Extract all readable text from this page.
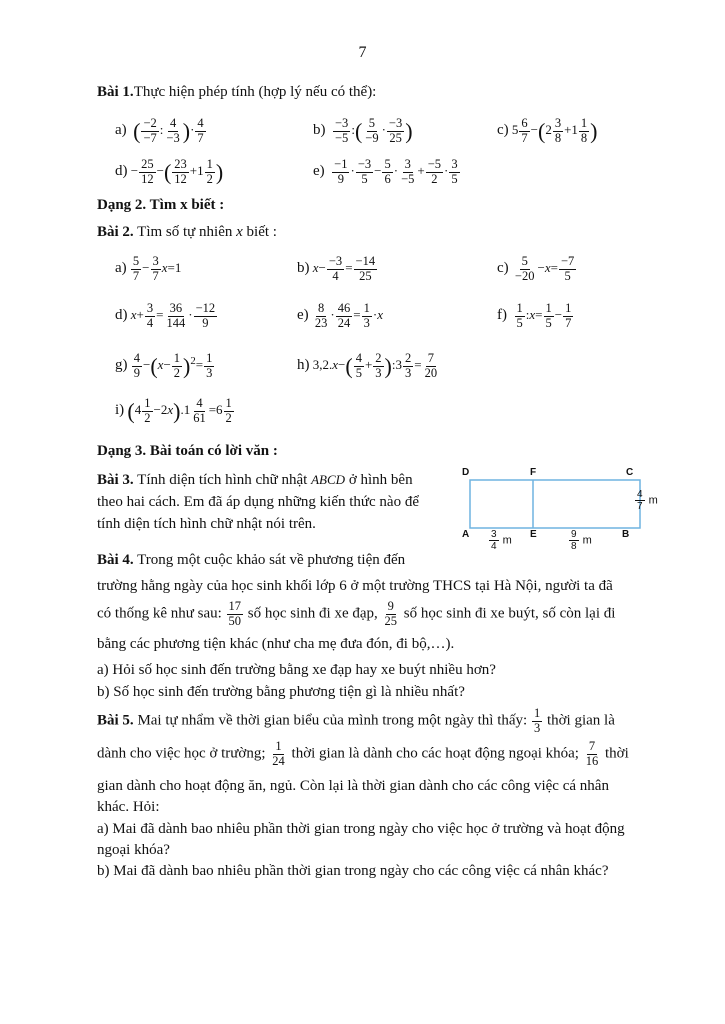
7
Bài 1.Thực hiện phép tính (hợp lý nếu có thể):
a) ( $\frac{-2}{-7}$ : $\frac{4}{-3}$ )· $\frac{4}{7}$	$b) \frac{-3}{-5}$ :( $\frac{5}{-9} \cdot \frac{-3}{25}$ )	c) $5 \frac{6}{7} -(2 \frac{3}{8} +1 \frac{1}{8}$ )
$d) - \frac{25}{12}$ −( $\frac{23}{12} +1 \frac{1}{2}$ )	$e) \frac{-1}{9} \cdot \frac{-3}{5} - \frac{5}{6} \cdot \frac{3}{-5} + \frac{-5}{2} \cdot \frac{3}{5}$
Dạng 2. Tìm x biết :
Bài 2. Tìm số tự nhiên x biết :
$a) \frac{5}{7} - \frac{3}{7} x=1$	b) $x- \frac{-3}{4} = \frac{-14}{25}$	$c) \frac{5}{-20} -x= \frac{-7}{5}$
d) $x+ \frac{3}{4} = \frac{36}{144} \cdot \frac{-12}{9}$	$e) \frac{8}{23} \cdot \frac{46}{24} = \frac{1}{3} \cdot x$	$f) \frac{1}{5}$ :x= $\frac{1}{5} - \frac{1}{7}$
$g) \frac{4}{9} -(x- \frac{1}{2} )^2= \frac{1}{3}$	h) $3,2.x-( \frac{4}{5} + \frac{2}{3}$ ):3 $\frac{2}{3} = \frac{7}{20}$
i) $(4 \frac{1}{2} -2x).1 \frac{4}{61} =6 \frac{1}{2}$
Dạng 3. Bài toán có lời văn :
Bài 3. Tính diện tích hình chữ nhật ABCD ở hình bên
theo hai cách. Em đã áp dụng những kiến thức nào để
tính diện tích hình chữ nhật nói trên.
D	F	C
A	E	B
$\frac{4}{7}$ m
$\frac{3}{4}$ m	$\frac{9}{8}$ m
Bài 4. Trong một cuộc khảo sát về phương tiện đến
trường hằng ngày của học sinh khối lớp 6 ở một trường THCS tại Hà Nội, người ta đã
có thống kê như sau: $\frac{17}{50}$ số học sinh đi xe đạp, $\frac{9}{25}$ số học sinh đi xe buýt, số còn lại đi
bằng các phương tiện khác (như cha mẹ đưa đón, đi bộ,…).
a) Hỏi số học sinh đến trường bằng xe đạp hay xe buýt nhiều hơn?
b) Số học sinh đến trường bằng phương tiện gì là nhiều nhất?
Bài 5. Mai tự nhẩm về thời gian biểu của mình trong một ngày thì thấy: $\frac{1}{3}$ thời gian là
dành cho việc học ở trường; $\frac{1}{24}$ thời gian là dành cho các hoạt động ngoại khóa; $\frac{7}{16}$ thời
gian dành cho hoạt động ăn, ngủ. Còn lại là thời gian dành cho các công việc cá nhân
khác. Hỏi:
a) Mai đã dành bao nhiêu phần thời gian trong ngày cho việc học ở trường và hoạt động
ngoại khóa?
b) Mai đã dành bao nhiêu phần thời gian trong ngày cho các công việc cá nhân khác?
